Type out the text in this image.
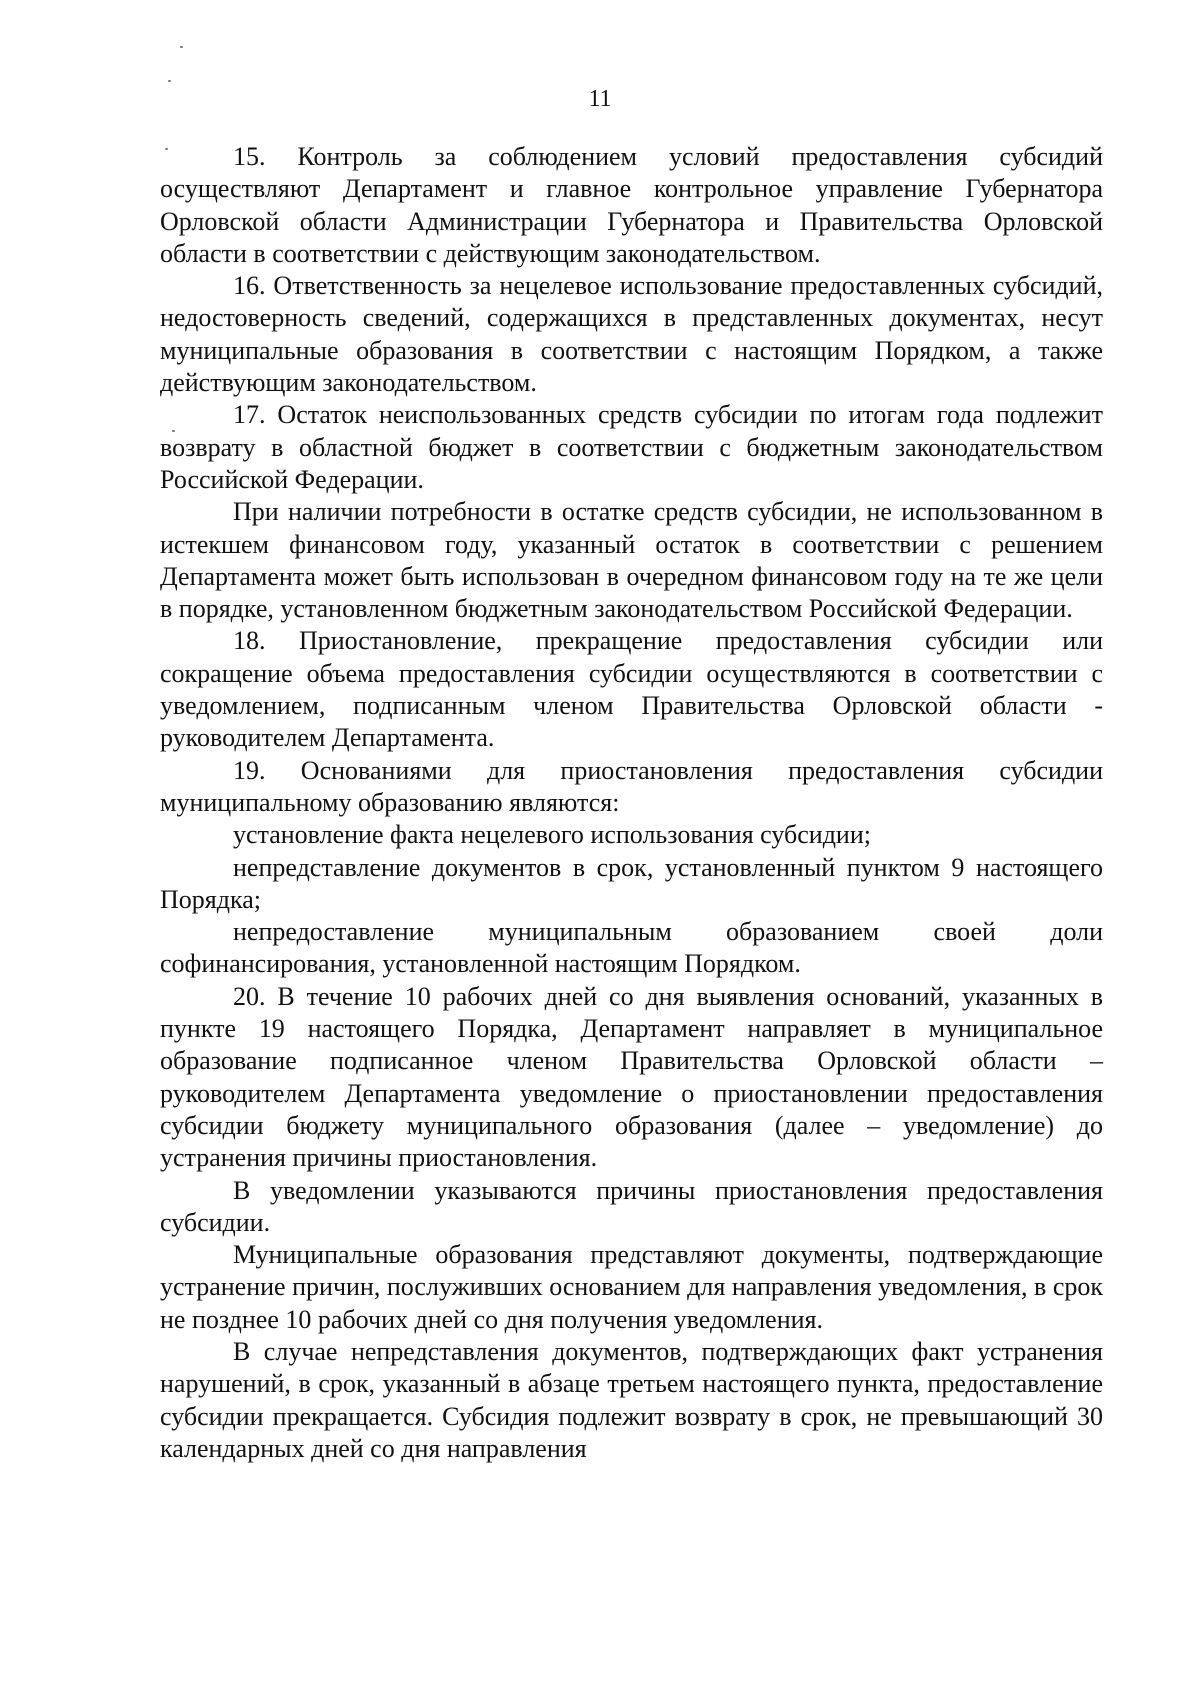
11

15. Контроль за соблюдением условий предоставления субсидий осуществляют Департамент и главное контрольное управление Губернатора Орловской области Администрации Губернатора и Правительства Орловской области в соответствии с действующим законодательством.

16. Ответственность за нецелевое использование предоставленных субсидий, недостоверность сведений, содержащихся в представленных документах, несут муниципальные образования в соответствии с настоящим Порядком, а также действующим законодательством.

17. Остаток неиспользованных средств субсидии по итогам года подлежит возврату в областной бюджет в соответствии с бюджетным законодательством Российской Федерации.

При наличии потребности в остатке средств субсидии, не использованном в истекшем финансовом году, указанный остаток в соответствии с решением Департамента может быть использован в очередном финансовом году на те же цели в порядке, установленном бюджетным законодательством Российской Федерации.

18. Приостановление, прекращение предоставления субсидии или сокращение объема предоставления субсидии осуществляются в соответствии с уведомлением, подписанным членом Правительства Орловской области - руководителем Департамента.

19. Основаниями для приостановления предоставления субсидии муниципальному образованию являются:

установление факта нецелевого использования субсидии;

непредставление документов в срок, установленный пунктом 9 настоящего Порядка;

непредоставление муниципальным образованием своей доли софинансирования, установленной настоящим Порядком.

20. В течение 10 рабочих дней со дня выявления оснований, указанных в пункте 19 настоящего Порядка, Департамент направляет в муниципальное образование подписанное членом Правительства Орловской области – руководителем Департамента уведомление о приостановлении предоставления субсидии бюджету муниципального образования (далее – уведомление) до устранения причины приостановления.

В уведомлении указываются причины приостановления предоставления субсидии.

Муниципальные образования представляют документы, подтверждающие устранение причин, послуживших основанием для направления уведомления, в срок не позднее 10 рабочих дней со дня получения уведомления.

В случае непредставления документов, подтверждающих факт устранения нарушений, в срок, указанный в абзаце третьем настоящего пункта, предоставление субсидии прекращается. Субсидия подлежит возврату в срок, не превышающий 30 календарных дней со дня направления
